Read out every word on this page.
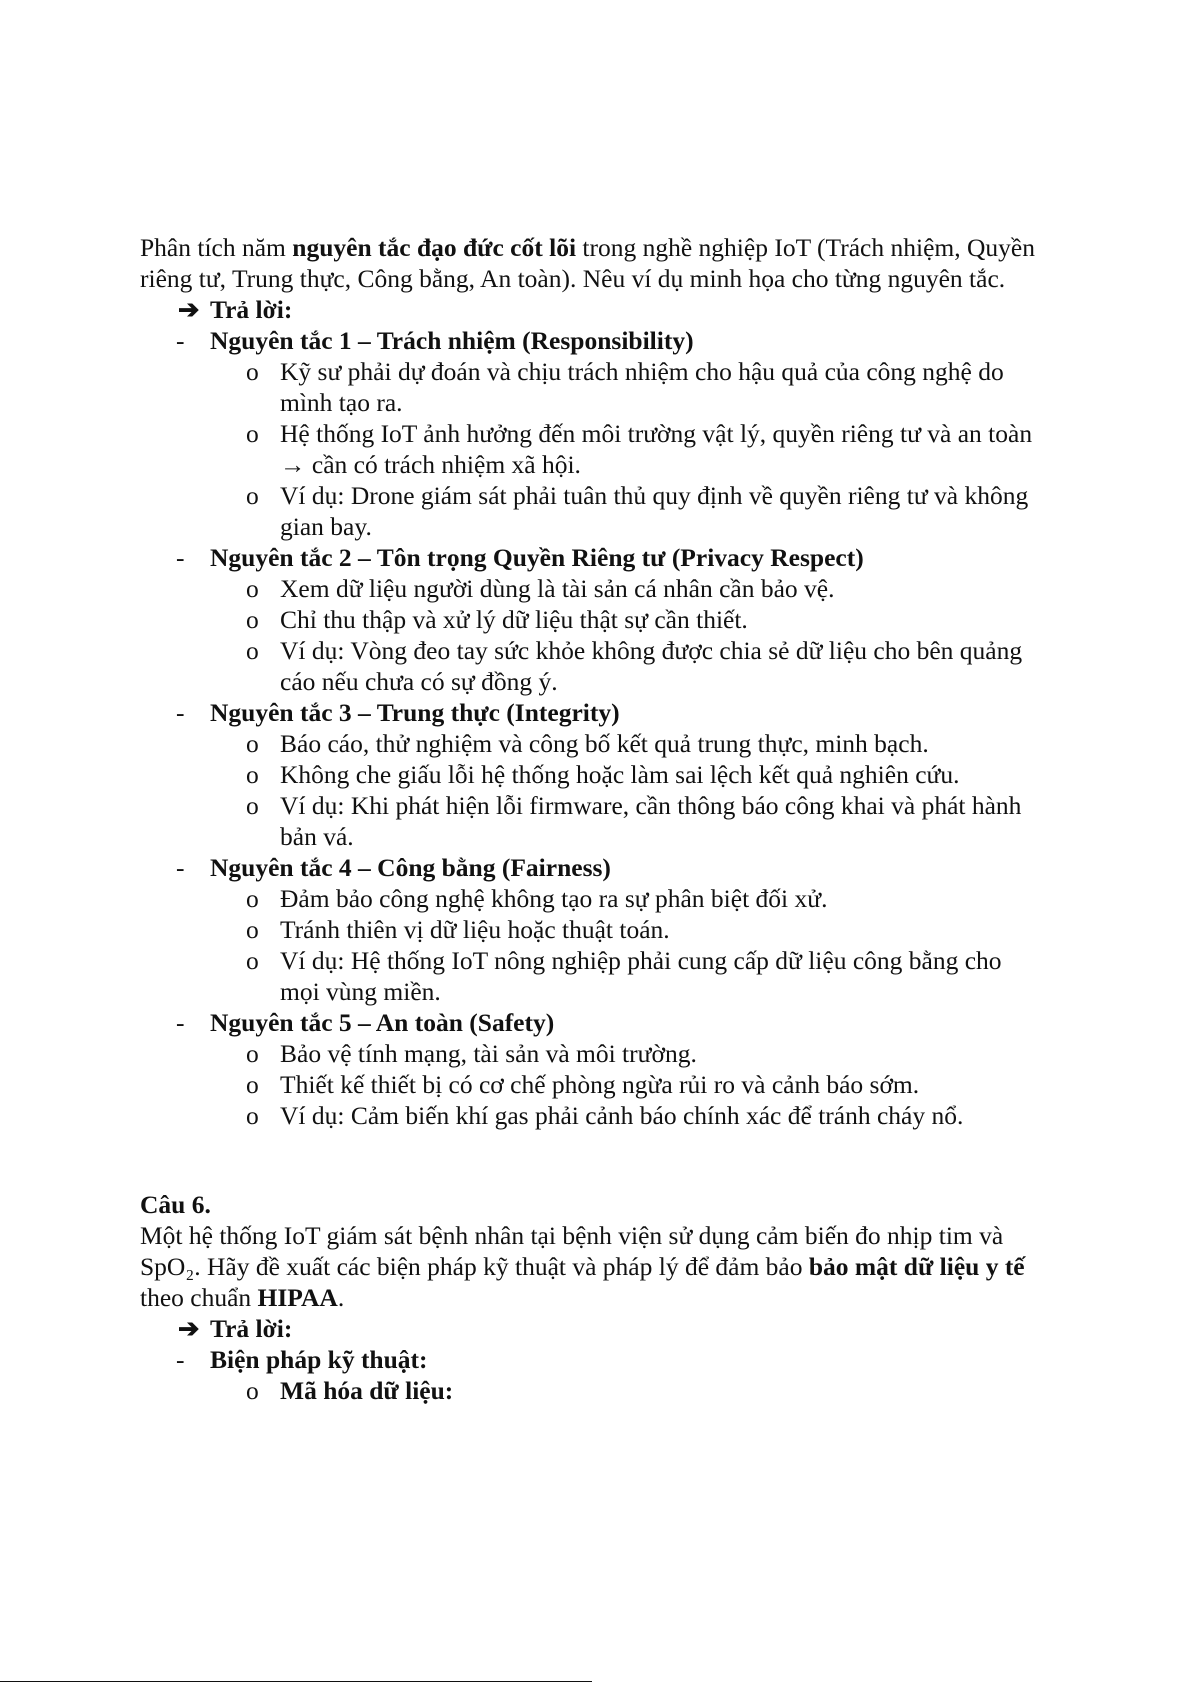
Phân tích năm nguyên tắc đạo đức cốt lõi trong nghề nghiệp IoT (Trách nhiệm, Quyền riêng tư, Trung thực, Công bằng, An toàn). Nêu ví dụ minh họa cho từng nguyên tắc.

➔ Trả lời:
- Nguyên tắc 1 – Trách nhiệm (Responsibility)
o Kỹ sư phải dự đoán và chịu trách nhiệm cho hậu quả của công nghệ do mình tạo ra.
o Hệ thống IoT ảnh hưởng đến môi trường vật lý, quyền riêng tư và an toàn → cần có trách nhiệm xã hội.
o Ví dụ: Drone giám sát phải tuân thủ quy định về quyền riêng tư và không gian bay.
- Nguyên tắc 2 – Tôn trọng Quyền Riêng tư (Privacy Respect)
o Xem dữ liệu người dùng là tài sản cá nhân cần bảo vệ.
o Chỉ thu thập và xử lý dữ liệu thật sự cần thiết.
o Ví dụ: Vòng đeo tay sức khỏe không được chia sẻ dữ liệu cho bên quảng cáo nếu chưa có sự đồng ý.
- Nguyên tắc 3 – Trung thực (Integrity)
o Báo cáo, thử nghiệm và công bố kết quả trung thực, minh bạch.
o Không che giấu lỗi hệ thống hoặc làm sai lệch kết quả nghiên cứu.
o Ví dụ: Khi phát hiện lỗi firmware, cần thông báo công khai và phát hành bản vá.
- Nguyên tắc 4 – Công bằng (Fairness)
o Đảm bảo công nghệ không tạo ra sự phân biệt đối xử.
o Tránh thiên vị dữ liệu hoặc thuật toán.
o Ví dụ: Hệ thống IoT nông nghiệp phải cung cấp dữ liệu công bằng cho mọi vùng miền.
- Nguyên tắc 5 – An toàn (Safety)
o Bảo vệ tính mạng, tài sản và môi trường.
o Thiết kế thiết bị có cơ chế phòng ngừa rủi ro và cảnh báo sớm.
o Ví dụ: Cảm biến khí gas phải cảnh báo chính xác để tránh cháy nổ.
Câu 6.

Một hệ thống IoT giám sát bệnh nhân tại bệnh viện sử dụng cảm biến đo nhịp tim và SpO₂. Hãy đề xuất các biện pháp kỹ thuật và pháp lý để đảm bảo bảo mật dữ liệu y tế theo chuẩn HIPAA.

➔ Trả lời:
- Biện pháp kỹ thuật:
o Mã hóa dữ liệu:
